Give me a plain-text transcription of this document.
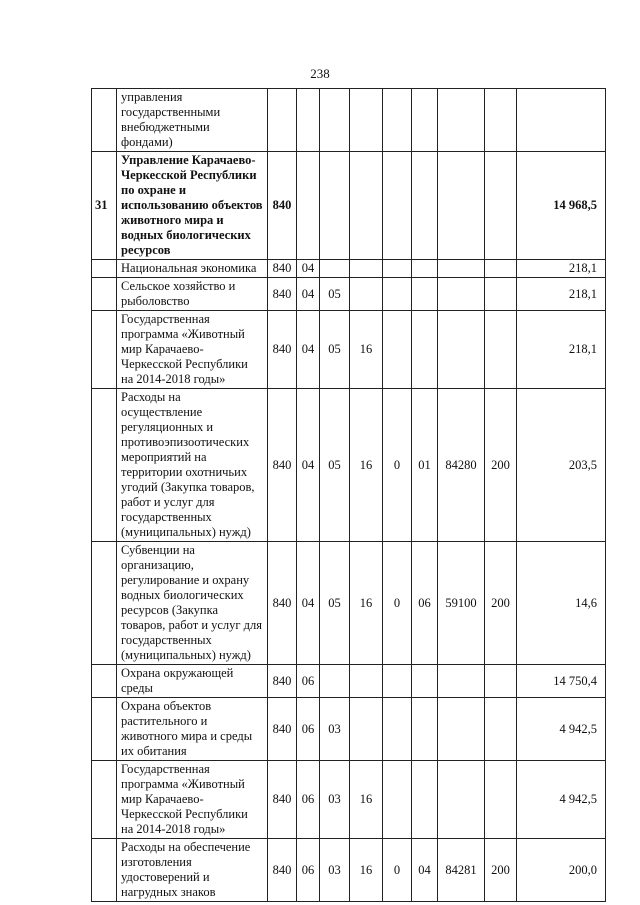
238
	управления государственными внебюджетными фондами)									
31	Управление Карачаево-Черкесской Республики по охране и использованию объектов животного мира и водных биологических ресурсов	840								14 968,5
	Национальная экономика	840	04							218,1
	Сельское хозяйство и рыболовство	840	04	05						218,1
	Государственная программа «Животный мир Карачаево-Черкесской Республики на 2014-2018 годы»	840	04	05	16					218,1
	Расходы на осуществление регуляционных и противоэпизоотических мероприятий на территории охотничьих угодий (Закупка товаров, работ и услуг для государственных (муниципальных) нужд)	840	04	05	16	0	01	84280	200	203,5
	Субвенции на организацию, регулирование и охрану водных биологических ресурсов (Закупка товаров, работ и услуг для государственных (муниципальных) нужд)	840	04	05	16	0	06	59100	200	14,6
	Охрана окружающей среды	840	06							14 750,4
	Охрана объектов растительного и животного мира и среды их обитания	840	06	03						4 942,5
	Государственная программа «Животный мир Карачаево-Черкесской Республики на 2014-2018 годы»	840	06	03	16					4 942,5
	Расходы на обеспечение изготовления удостоверений и нагрудных знаков	840	06	03	16	0	04	84281	200	200,0
